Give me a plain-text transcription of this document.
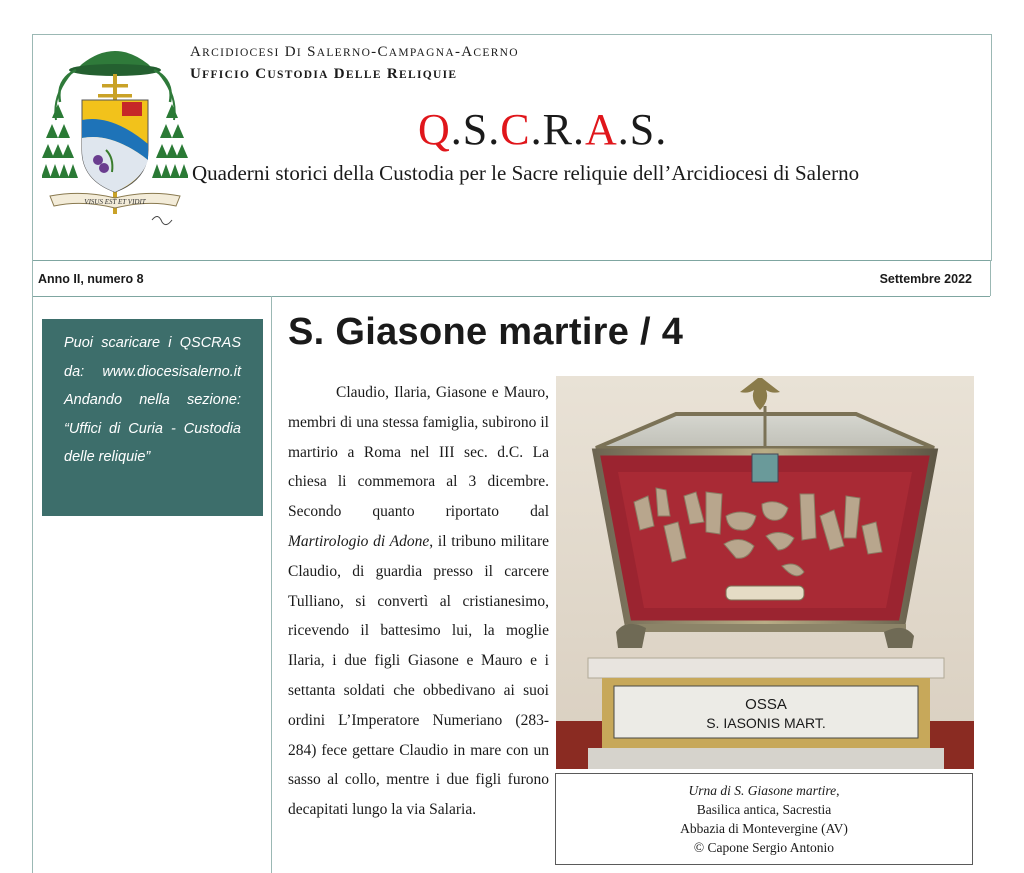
VISUS EST ET VIDIT
ARCIDIOCESI DI SALERNO-CAMPAGNA-ACERNO
UFFICIO CUSTODIA DELLE RELIQUIE
Q.S.C.R.A.S.
Quaderni storici della Custodia per le Sacre reliquie dell’Arcidiocesi di Salerno
Anno II, numero 8	Settembre 2022
Puoi scaricare i QSCRAS da: www.diocesisalerno.it Andando nella sezione: “Uffici di Curia - Custodia delle reliquie”
S. Giasone martire / 4

Claudio, Ilaria, Giasone e Mauro, membri di una stessa famiglia, subirono il martirio a Roma nel III sec. d.C. La chiesa li commemora al 3 dicembre. Secondo quanto riportato dal Martirologio di Adone, il tribuno militare Claudio, di guardia presso il carcere Tulliano, si convertì al cristianesimo, ricevendo il battesimo lui, la moglie Ilaria, i due figli Giasone e Mauro e i settanta soldati che obbedivano ai suoi ordini L’Imperatore Numeriano (283-284) fece gettare Claudio in mare con un sasso al collo, mentre i due figli furono decapitati lungo la via Salaria.

OSSA
S. IASONIS MART.
Urna di S. Giasone martire,
Basilica antica, Sacrestia
Abbazia di Montevergine (AV)
© Capone Sergio Antonio
